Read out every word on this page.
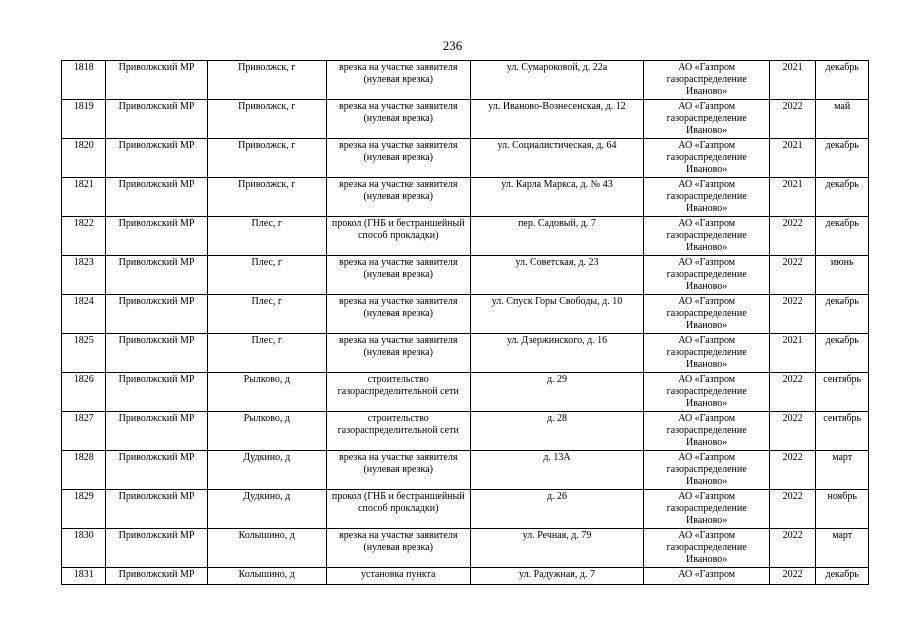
236
1818	Приволжский МР	Приволжск, г	врезка на участке заявителя (нулевая врезка)	ул. Сумароковой, д. 22а	АО «Газпром газораспределение Иваново»	2021	декабрь
1819	Приволжский МР	Приволжск, г	врезка на участке заявителя (нулевая врезка)	ул. Иваново-Вознесенская, д. 12	АО «Газпром газораспределение Иваново»	2022	май
1820	Приволжский МР	Приволжск, г	врезка на участке заявителя (нулевая врезка)	ул. Социалистическая, д. 64	АО «Газпром газораспределение Иваново»	2021	декабрь
1821	Приволжский МР	Приволжск, г	врезка на участке заявителя (нулевая врезка)	ул. Карла Маркса, д. № 43	АО «Газпром газораспределение Иваново»	2021	декабрь
1822	Приволжский МР	Плес, г	прокол (ГНБ и бестраншейный способ прокладки)	пер. Садовый, д. 7	АО «Газпром газораспределение Иваново»	2022	декабрь
1823	Приволжский МР	Плес, г	врезка на участке заявителя (нулевая врезка)	ул. Советская, д. 23	АО «Газпром газораспределение Иваново»	2022	июнь
1824	Приволжский МР	Плес, г	врезка на участке заявителя (нулевая врезка)	ул. Спуск Горы Свободы, д. 10	АО «Газпром газораспределение Иваново»	2022	декабрь
1825	Приволжский МР	Плес, г	врезка на участке заявителя (нулевая врезка)	ул. Дзержинского, д. 16	АО «Газпром газораспределение Иваново»	2021	декабрь
1826	Приволжский МР	Рылково, д	строительство газораспределительной сети	д. 29	АО «Газпром газораспределение Иваново»	2022	сентябрь
1827	Приволжский МР	Рылково, д	строительство газораспределительной сети	д. 28	АО «Газпром газораспределение Иваново»	2022	сентябрь
1828	Приволжский МР	Дудкино, д	врезка на участке заявителя (нулевая врезка)	д. 13А	АО «Газпром газораспределение Иваново»	2022	март
1829	Приволжский МР	Дудкино, д	прокол (ГНБ и бестраншейный способ прокладки)	д. 26	АО «Газпром газораспределение Иваново»	2022	ноябрь
1830	Приволжский МР	Колышино, д	врезка на участке заявителя (нулевая врезка)	ул. Речная, д. 79	АО «Газпром газораспределение Иваново»	2022	март
1831	Приволжский МР	Колышино, д	установка пункта	ул. Радужная, д. 7	АО «Газпром	2022	декабрь
